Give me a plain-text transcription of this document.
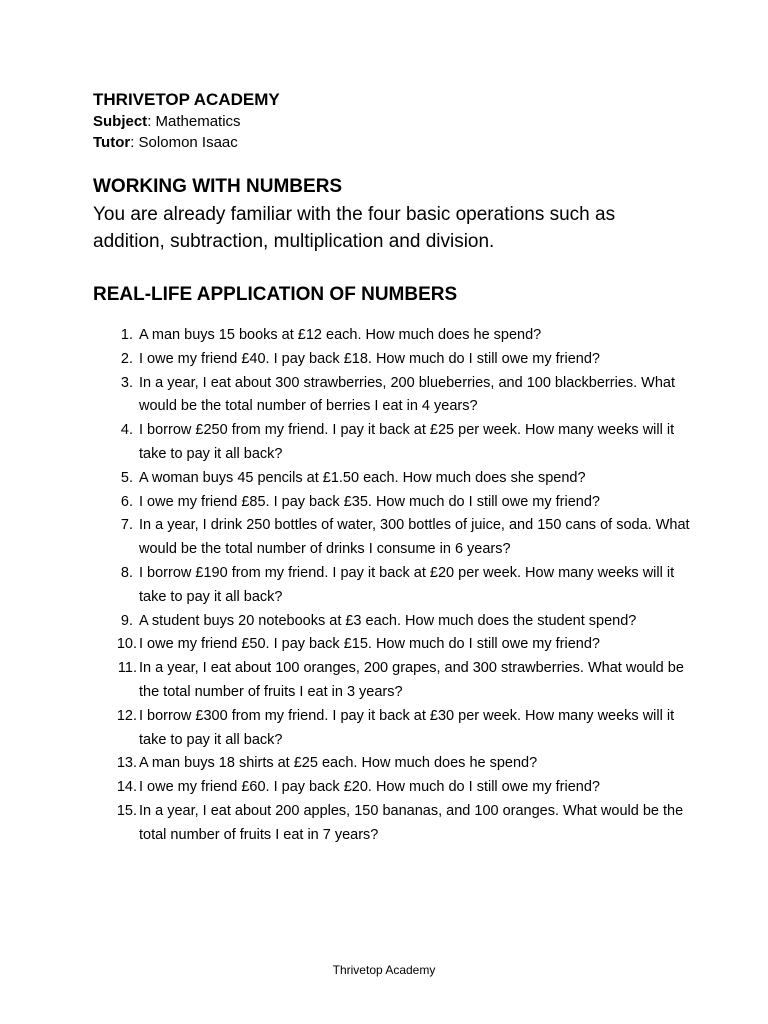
THRIVETOP ACADEMY
Subject: Mathematics
Tutor: Solomon Isaac
WORKING WITH NUMBERS
You are already familiar with the four basic operations such as addition, subtraction, multiplication and division.
REAL-LIFE APPLICATION OF NUMBERS
1. A man buys 15 books at £12 each. How much does he spend?
2. I owe my friend £40. I pay back £18. How much do I still owe my friend?
3. In a year, I eat about 300 strawberries, 200 blueberries, and 100 blackberries. What would be the total number of berries I eat in 4 years?
4. I borrow £250 from my friend. I pay it back at £25 per week. How many weeks will it take to pay it all back?
5. A woman buys 45 pencils at £1.50 each. How much does she spend?
6. I owe my friend £85. I pay back £35. How much do I still owe my friend?
7. In a year, I drink 250 bottles of water, 300 bottles of juice, and 150 cans of soda. What would be the total number of drinks I consume in 6 years?
8. I borrow £190 from my friend. I pay it back at £20 per week. How many weeks will it take to pay it all back?
9. A student buys 20 notebooks at £3 each. How much does the student spend?
10. I owe my friend £50. I pay back £15. How much do I still owe my friend?
11. In a year, I eat about 100 oranges, 200 grapes, and 300 strawberries. What would be the total number of fruits I eat in 3 years?
12. I borrow £300 from my friend. I pay it back at £30 per week. How many weeks will it take to pay it all back?
13. A man buys 18 shirts at £25 each. How much does he spend?
14. I owe my friend £60. I pay back £20. How much do I still owe my friend?
15. In a year, I eat about 200 apples, 150 bananas, and 100 oranges. What would be the total number of fruits I eat in 7 years?
Thrivetop Academy
